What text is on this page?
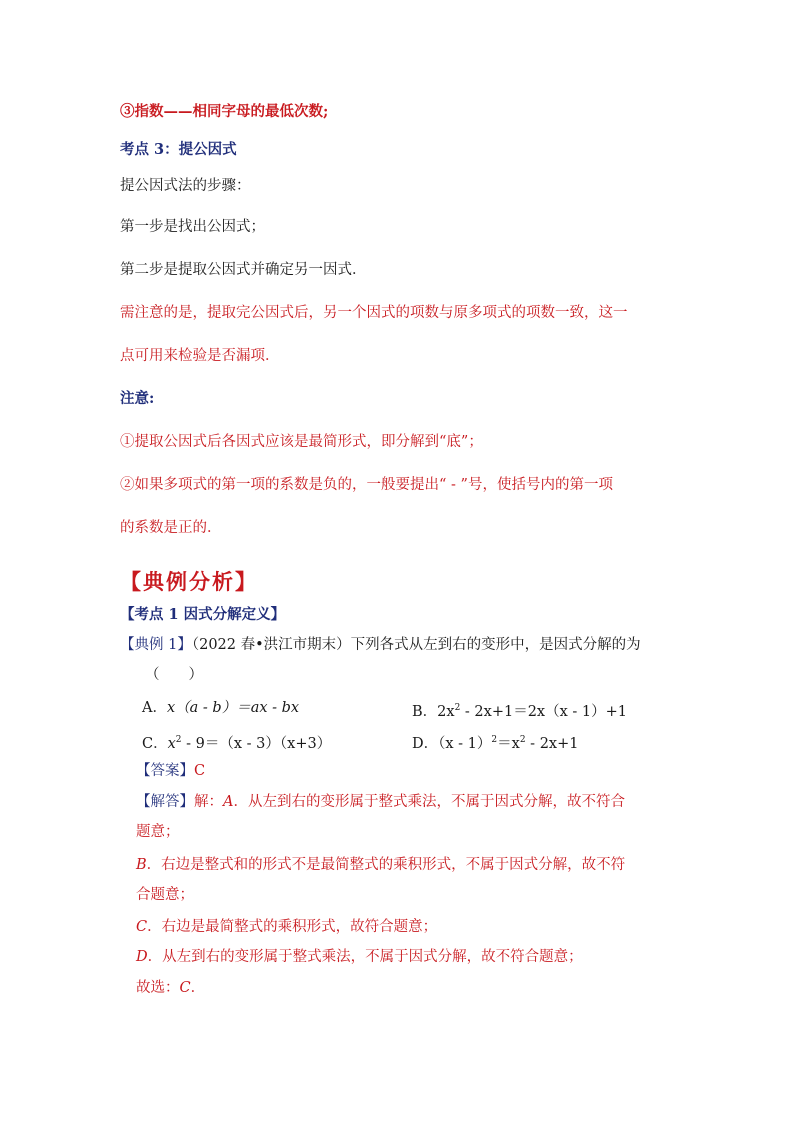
③指数——相同字母的最低次数;
考点 3：提公因式
提公因式法的步骤：
第一步是找出公因式；
第二步是提取公因式并确定另一因式．
需注意的是，提取完公因式后，另一个因式的项数与原多项式的项数一致，这一
点可用来检验是否漏项．
注意:
①提取公因式后各因式应该是最简形式，即分解到“底”；
②如果多项式的第一项的系数是负的，一般要提出“ - ”号，使括号内的第一项
的系数是正的．
【典例分析】
【考点 1 因式分解定义】
【典例 1】（2022 春•洪江市期末）下列各式从左到右的变形中，是因式分解的为
（　　）
A．x（a - b）＝ax - bx	B．$2x^2 - 2x+1=2x(x - 1)+1$
C．$x^2 - 9=(x - 3)(x+3)$	D．$(x - 1)^2=x^2 - 2x+1$
【答案】C
【解答】解：A．从左到右的变形属于整式乘法，不属于因式分解，故不符合
题意；
B．右边是整式和的形式不是最简整式的乘积形式，不属于因式分解，故不符
合题意；
C．右边是最简整式的乘积形式，故符合题意；
D．从左到右的变形属于整式乘法，不属于因式分解，故不符合题意；
故选：C．
